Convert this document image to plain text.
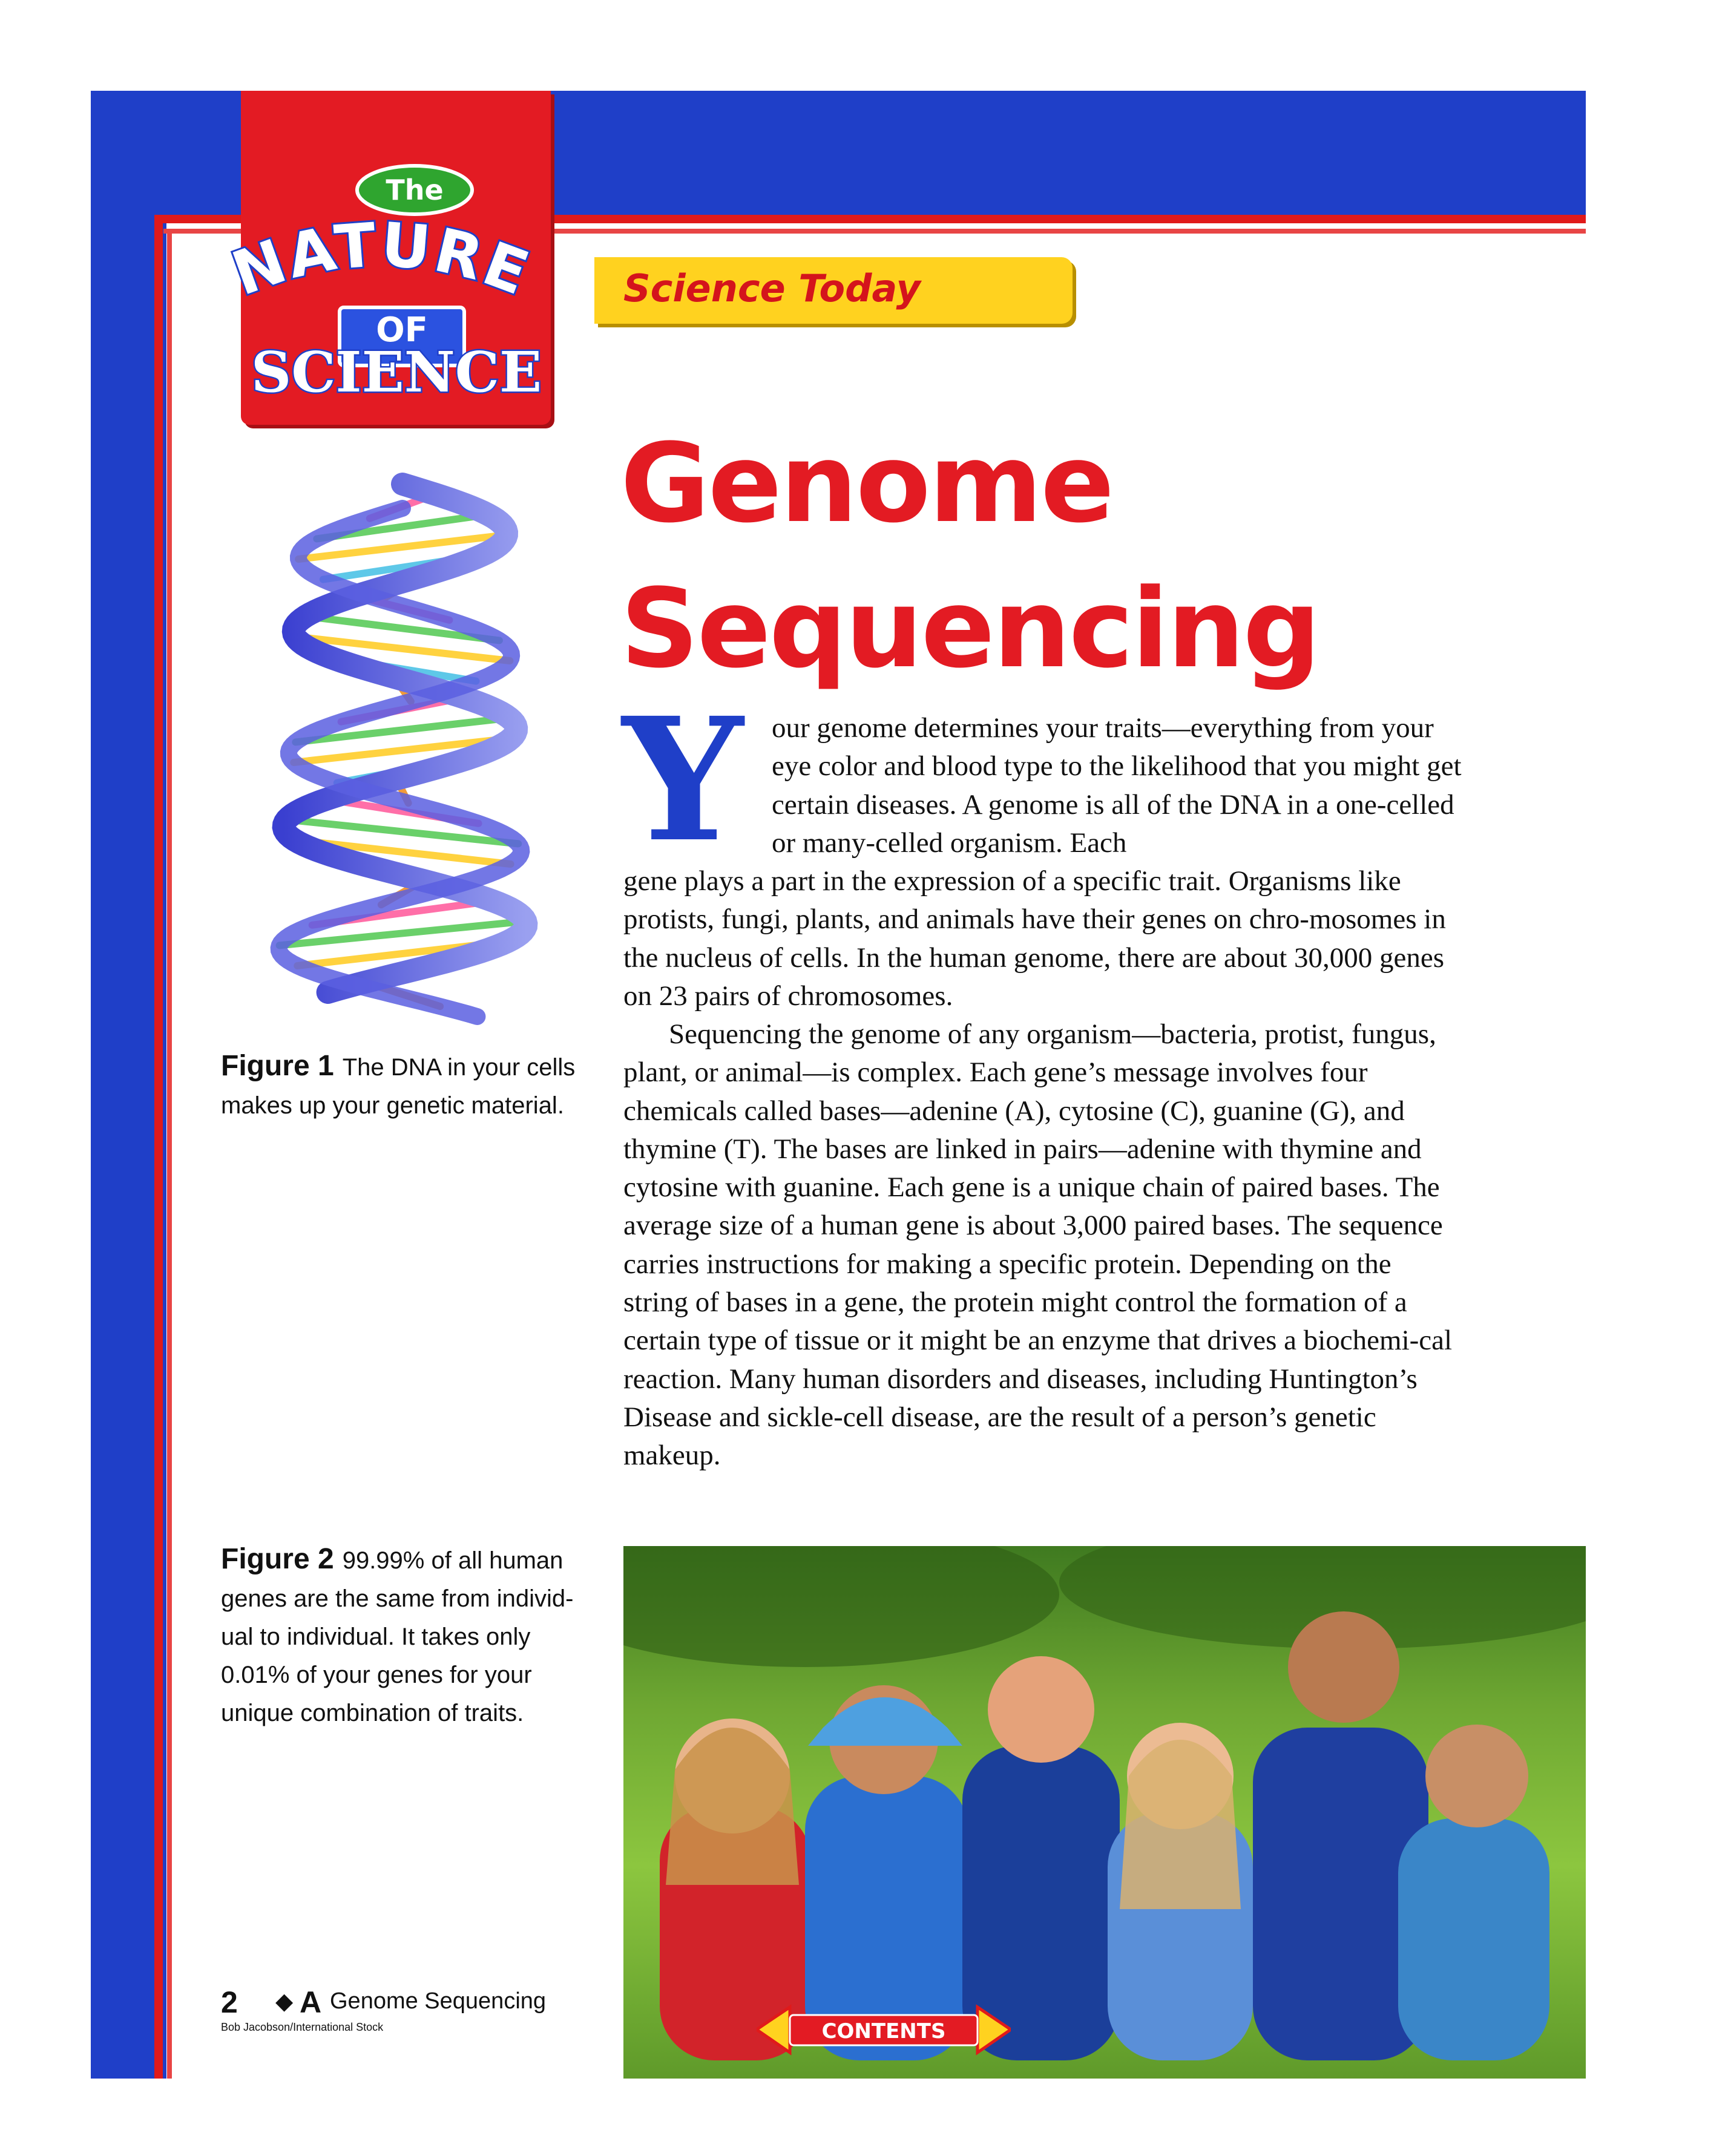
The
NATURE
OF
SCIENCE
Science Today
Genome
Sequencing
Y our genome determines your traits—everything from your eye color and blood type to the likelihood that you might get certain diseases. A genome is all of the DNA in a one-celled or many-celled organism. Each

gene plays a part in the expression of a specific trait. Organisms like protists, fungi, plants, and animals have their genes on chro-mosomes in the nucleus of cells. In the human genome, there are about 30,000 genes on 23 pairs of chromosomes.

Sequencing the genome of any organism—bacteria, protist, fungus, plant, or animal—is complex. Each gene’s message involves four chemicals called bases—adenine (A), cytosine (C), guanine (G), and thymine (T). The bases are linked in pairs—adenine with thymine and cytosine with guanine. Each gene is a unique chain of paired bases. The average size of a human gene is about 3,000 paired bases. The sequence carries instructions for making a specific protein. Depending on the string of bases in a gene, the protein might control the formation of a certain type of tissue or it might be an enzyme that drives a biochemi-cal reaction. Many human disorders and diseases, including Huntington’s Disease and sickle-cell disease, are the result of a person’s genetic makeup.

Figure 1 The DNA in your cells makes up your genetic material.
Figure 2 99.99% of all human genes are the same from individ-ual to individual. It takes only 0.01% of your genes for your unique combination of traits.
CONTENTS
2 ◆ A Genome Sequencing
Bob Jacobson/International Stock
